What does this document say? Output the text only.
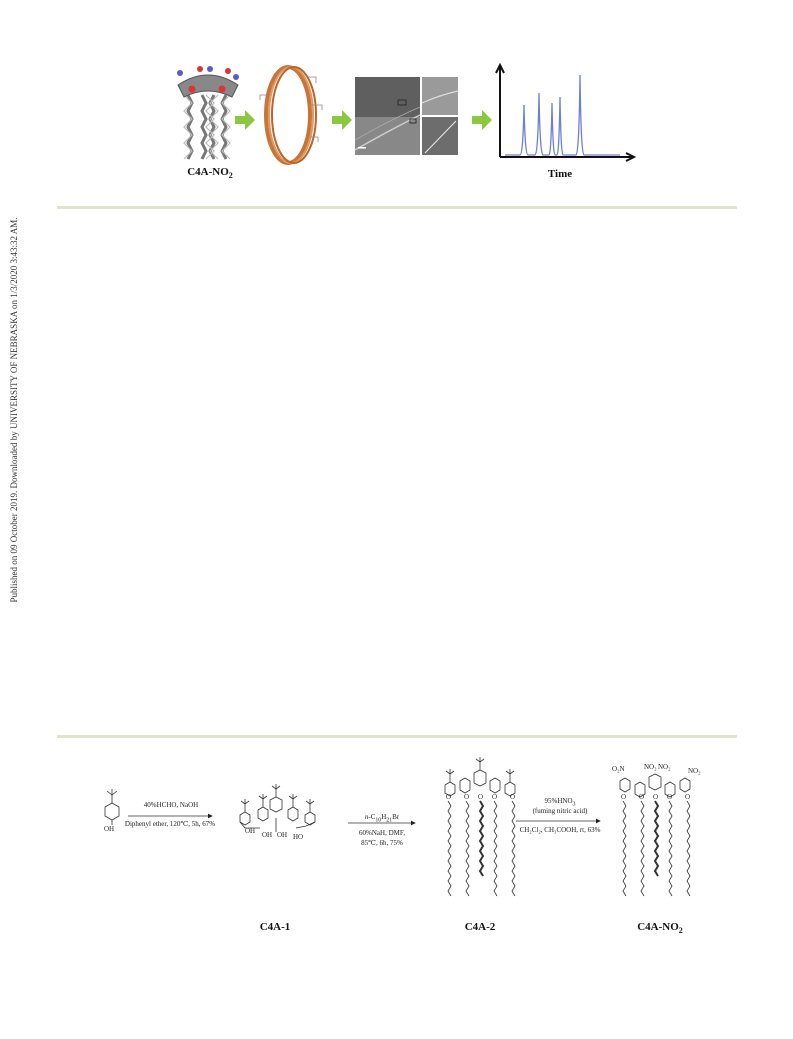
Published on 09 October 2019. Downloaded by UNIVERSITY OF NEBRASKA on 1/3/2020 3:43:32 AM.
$C4A-NO_2$	Time
OH
40%HCHO, NaOH
Diphenyl ether, 120℃, 5h, 67%
OH OH OH HO
$n-C_{10}H_{21}Br$
60%NaH, DMF,
85℃, 6h, 75%
O O O O O	$95\%HNO_3$
(fuming nitric acid)
CH₂Cl₂, CH₃COOH, rt, 63%
O₂N	NO₂ NO₂ NO₂
O O O O O
C4A-1	C4A-2	$C4A-NO_2$
